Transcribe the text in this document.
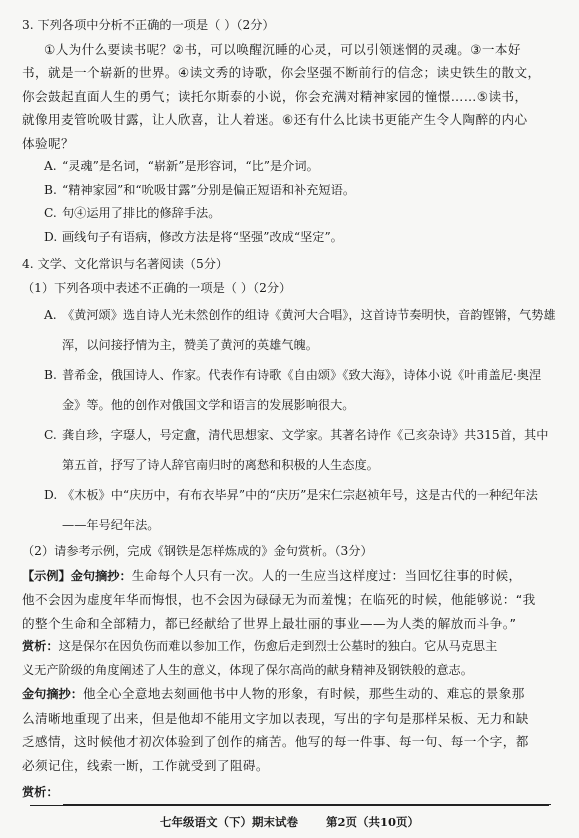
3. 下列各项中分析不正确的一项是（ ）（2分）
①人为什么要读书呢？②书，可以唤醒沉睡的心灵，可以引领迷惘的灵魂。③一本好
书，就是一个崭新的世界。④读文秀的诗歌，你会坚强不断前行的信念；读史铁生的散文，
你会鼓起直面人生的勇气；读托尔斯泰的小说，你会充满对精神家园的憧憬……⑤读书，
就像用麦管吮吸甘露，让人欣喜，让人着迷。⑥还有什么比读书更能产生令人陶醉的内心
体验呢？
A. “灵魂”是名词，“崭新”是形容词，“比”是介词。
B. “精神家园”和“吮吸甘露”分别是偏正短语和补充短语。
C. 句④运用了排比的修辞手法。
D. 画线句子有语病，修改方法是将“坚强”改成“坚定”。
4. 文学、文化常识与名著阅读（5分）
（1）下列各项中表述不正确的一项是（ ）（2分）
A. 《黄河颂》选自诗人光未然创作的组诗《黄河大合唱》，这首诗节奏明快，音韵铿锵，气势雄浑，以问接抒情为主，赞美了黄河的英雄气魄。
B. 普希金，俄国诗人、作家。代表作有诗歌《自由颂》《致大海》，诗体小说《叶甫盖尼·奥涅金》等。他的创作对俄国文学和语言的发展影响很大。
C. 龚自珍，字璱人，号定盦，清代思想家、文学家。其著名诗作《己亥杂诗》共315首，其中第五首，抒写了诗人辞官南归时的离愁和积极的人生态度。
D. 《木板》中“庆历中，有布衣毕昇”中的“庆历”是宋仁宗赵祯年号，这是古代的一种纪年法——年号纪年法。
（2）请参考示例，完成《钢铁是怎样炼成的》金句赏析。（3分）
【示例】金句摘抄：生命每个人只有一次。人的一生应当这样度过：当回忆往事的时候，
他不会因为虚度年华而悔恨，也不会因为碌碌无为而羞愧；在临死的时候，他能够说：“我
的整个生命和全部精力，都已经献给了世界上最壮丽的事业——为人类的解放而斗争。”
赏析：这是保尔在因负伤而难以参加工作，伤愈后走到烈士公墓时的独白。它从马克思主
义无产阶级的角度阐述了人生的意义，体现了保尔高尚的献身精神及钢铁般的意志。
金句摘抄：他全心全意地去刻画他书中人物的形象，有时候，那些生动的、难忘的景象那
么清晰地重现了出来，但是他却不能用文字加以表现，写出的字句是那样呆板、无力和缺
乏感情，这时候他才初次体验到了创作的痛苦。他写的每一件事、每一句、每一个字，都
必须记住，线索一断，工作就受到了阻碍。
赏析：
七年级语文（下）期末试卷 第2页（共10页）
